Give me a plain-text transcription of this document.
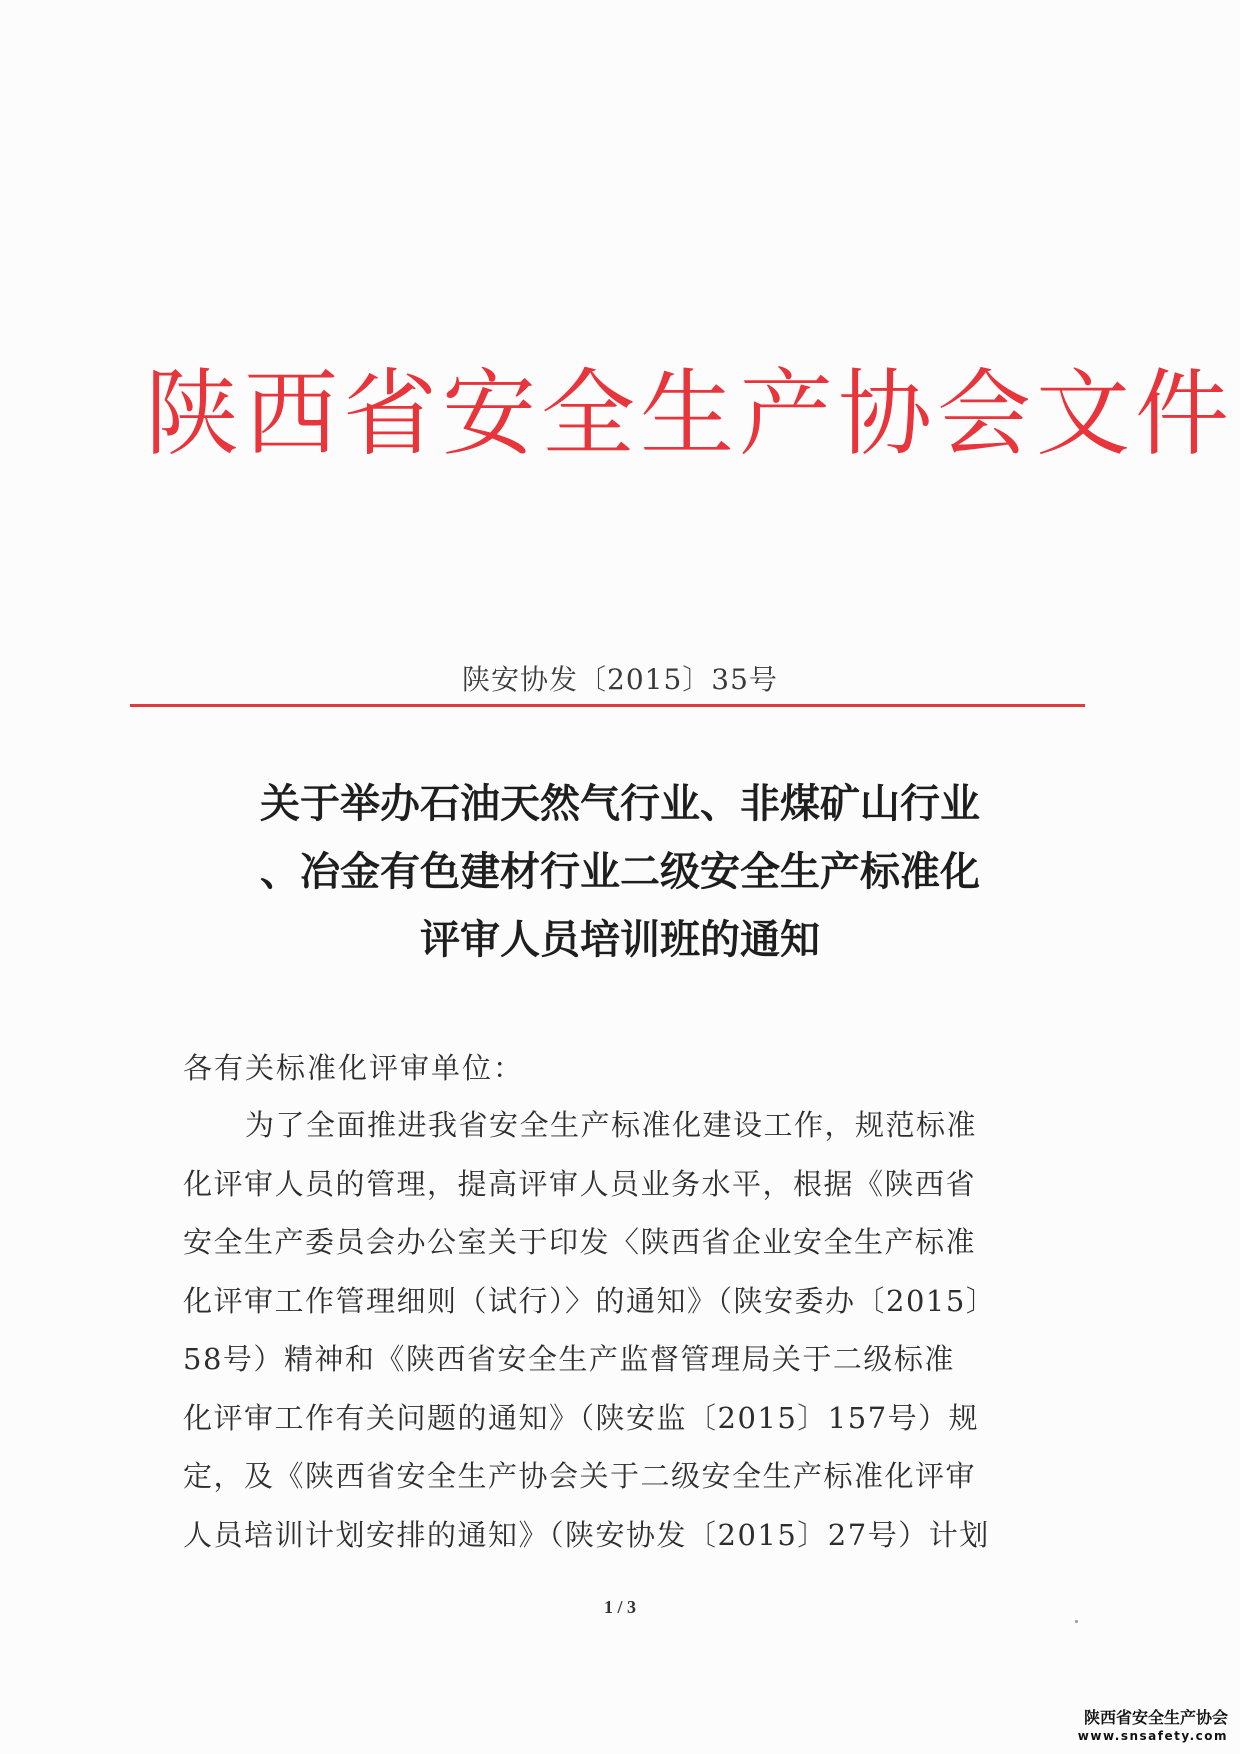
陕西省安全生产协会文件
陕安协发〔2015〕35号
关于举办石油天然气行业、非煤矿山行业
、冶金有色建材行业二级安全生产标准化
评审人员培训班的通知
各有关标准化评审单位：
为了全面推进我省安全生产标准化建设工作，规范标准
化评审人员的管理，提高评审人员业务水平，根据《陕西省
安全生产委员会办公室关于印发〈陕西省企业安全生产标准
化评审工作管理细则（试行）〉的通知》（陕安委办〔2015〕
58号）精神和《陕西省安全生产监督管理局关于二级标准
化评审工作有关问题的通知》（陕安监〔2015〕157号）规
定，及《陕西省安全生产协会关于二级安全生产标准化评审
人员培训计划安排的通知》（陕安协发〔2015〕27号）计划
1 / 3
陕西省安全生产协会
www.snsafety.com
